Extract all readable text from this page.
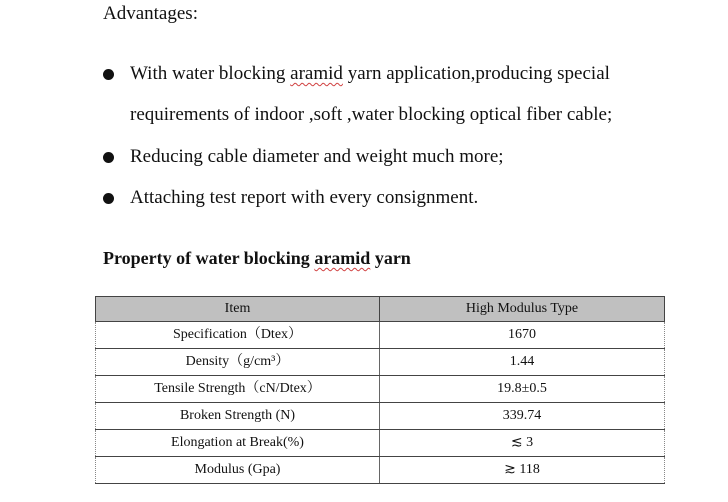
Advantages:
With water blocking aramid yarn application,producing special
requirements of indoor ,soft ,water blocking optical fiber cable;
Reducing cable diameter and weight much more;
Attaching test report with every consignment.
Property of water blocking aramid yarn
Item	High Modulus Type
Specification（Dtex）	1670
Density（g/cm³）	1.44
Tensile Strength（cN/Dtex）	19.8±0.5
Broken Strength (N)	339.74
Elongation at Break(%)	≲ 3
Modulus (Gpa)	≳ 118
